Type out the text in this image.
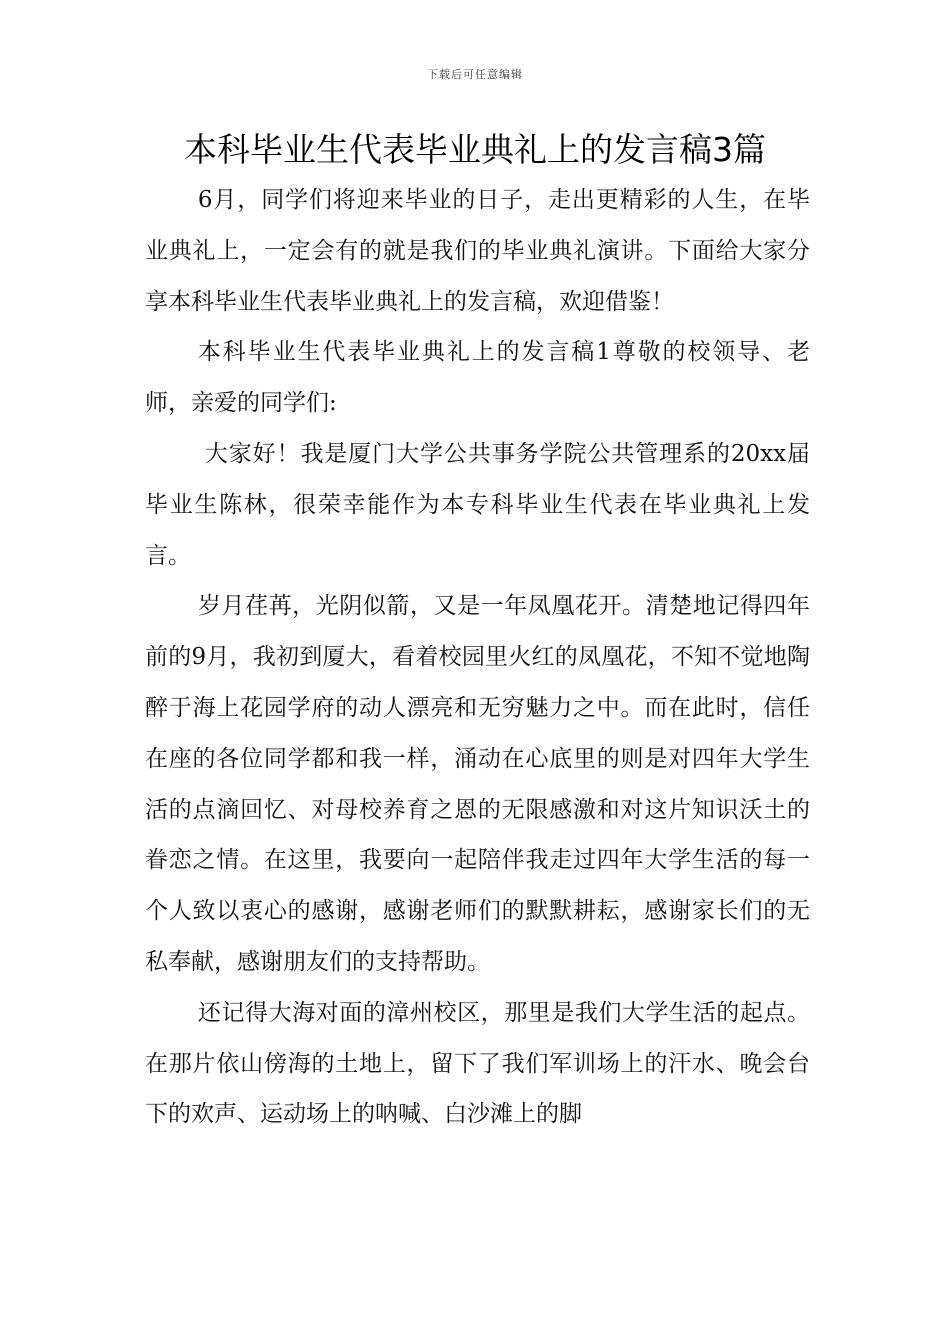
下载后可任意编辑
本科毕业生代表毕业典礼上的发言稿3篇

6月，同学们将迎来毕业的日子，走出更精彩的人生，在毕业典礼上，一定会有的就是我们的毕业典礼演讲。下面给大家分享本科毕业生代表毕业典礼上的发言稿，欢迎借鉴！

本科毕业生代表毕业典礼上的发言稿1尊敬的校领导、老师，亲爱的同学们:

大家好！我是厦门大学公共事务学院公共管理系的20xx届毕业生陈林，很荣幸能作为本专科毕业生代表在毕业典礼上发言。

岁月荏苒，光阴似箭，又是一年凤凰花开。清楚地记得四年前的9月，我初到厦大，看着校园里火红的凤凰花，不知不觉地陶醉于海上花园学府的动人漂亮和无穷魅力之中。而在此时，信任在座的各位同学都和我一样，涌动在心底里的则是对四年大学生活的点滴回忆、对母校养育之恩的无限感激和对这片知识沃土的眷恋之情。在这里，我要向一起陪伴我走过四年大学生活的每一个人致以衷心的感谢，感谢老师们的默默耕耘，感谢家长们的无私奉献，感谢朋友们的支持帮助。

还记得大海对面的漳州校区，那里是我们大学生活的起点。在那片依山傍海的土地上，留下了我们军训场上的汗水、晚会台下的欢声、运动场上的呐喊、白沙滩上的脚
